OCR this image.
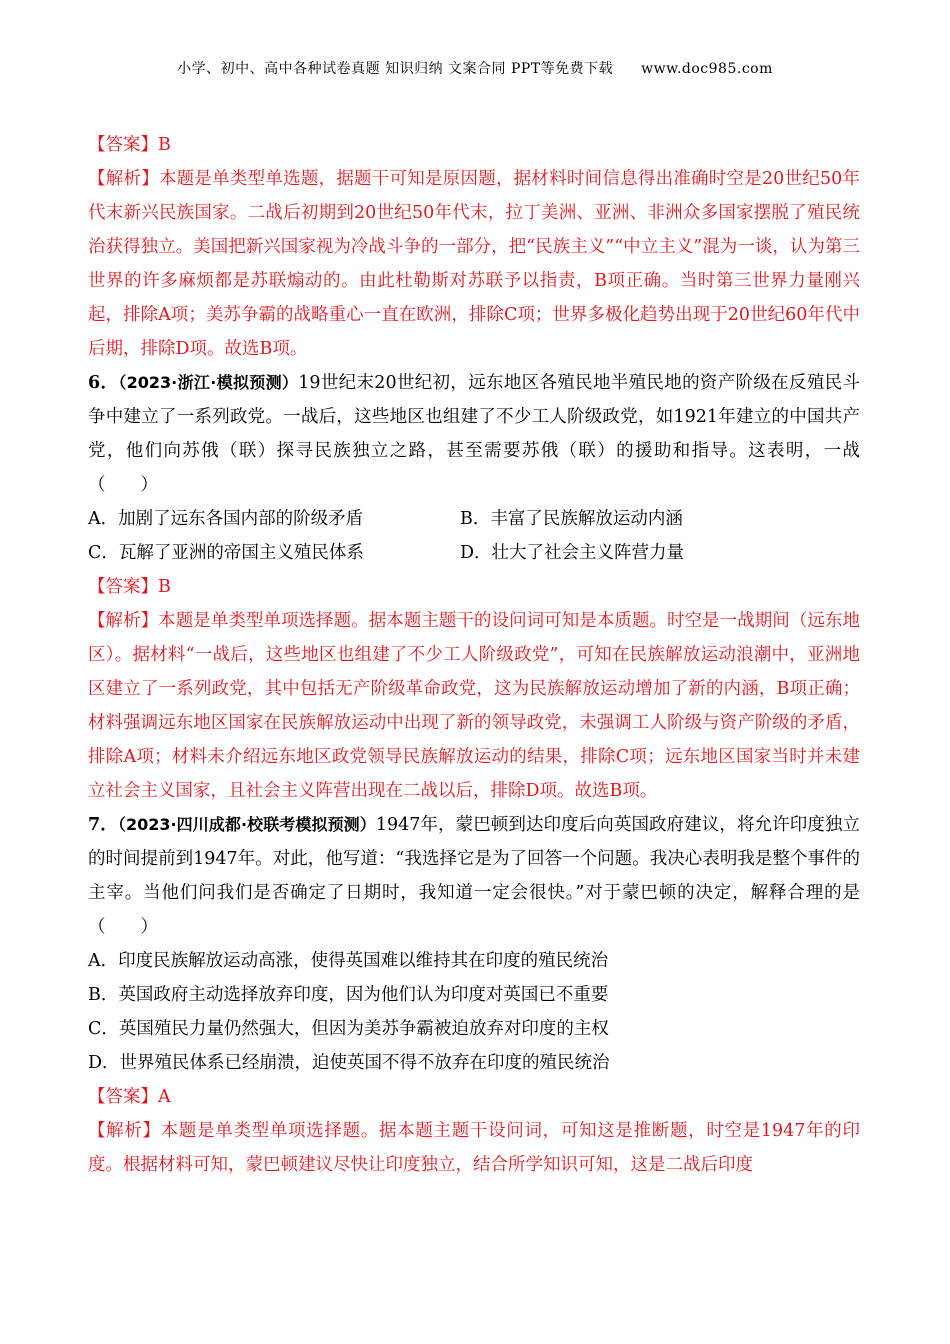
小学、初中、高中各种试卷真题 知识归纳 文案合同 PPT等免费下载 www.doc985.com

【答案】B

【解析】本题是单类型单选题，据题干可知是原因题，据材料时间信息得出准确时空是20世纪50年代末新兴民族国家。二战后初期到20世纪50年代末，拉丁美洲、亚洲、非洲众多国家摆脱了殖民统治获得独立。美国把新兴国家视为冷战斗争的一部分，把“民族主义”“中立主义”混为一谈，认为第三世界的许多麻烦都是苏联煽动的。由此杜勒斯对苏联予以指责，B项正确。当时第三世界力量刚兴起，排除A项；美苏争霸的战略重心一直在欧洲，排除C项；世界多极化趋势出现于20世纪60年代中后期，排除D项。故选B项。

6．（2023·浙江·模拟预测）19世纪末20世纪初，远东地区各殖民地半殖民地的资产阶级在反殖民斗争中建立了一系列政党。一战后，这些地区也组建了不少工人阶级政党，如1921年建立的中国共产党，他们向苏俄（联）探寻民族独立之路，甚至需要苏俄（联）的援助和指导。这表明，一战（　　）

A．加剧了远东各国内部的阶级矛盾	B．丰富了民族解放运动内涵
C．瓦解了亚洲的帝国主义殖民体系	D．壮大了社会主义阵营力量

【答案】B

【解析】本题是单类型单项选择题。据本题主题干的设问词可知是本质题。时空是一战期间（远东地区）。据材料“一战后，这些地区也组建了不少工人阶级政党”，可知在民族解放运动浪潮中，亚洲地区建立了一系列政党，其中包括无产阶级革命政党，这为民族解放运动增加了新的内涵，B项正确；材料强调远东地区国家在民族解放运动中出现了新的领导政党，未强调工人阶级与资产阶级的矛盾，排除A项；材料未介绍远东地区政党领导民族解放运动的结果，排除C项；远东地区国家当时并未建立社会主义国家，且社会主义阵营出现在二战以后，排除D项。故选B项。

7．（2023·四川成都·校联考模拟预测）1947年，蒙巴顿到达印度后向英国政府建议，将允许印度独立的时间提前到1947年。对此，他写道：“我选择它是为了回答一个问题。我决心表明我是整个事件的主宰。当他们问我们是否确定了日期时，我知道一定会很快。”对于蒙巴顿的决定，解释合理的是（　　）

A．印度民族解放运动高涨，使得英国难以维持其在印度的殖民统治

B．英国政府主动选择放弃印度，因为他们认为印度对英国已不重要

C．英国殖民力量仍然强大，但因为美苏争霸被迫放弃对印度的主权

D．世界殖民体系已经崩溃，迫使英国不得不放弃在印度的殖民统治

【答案】A

【解析】本题是单类型单项选择题。据本题主题干设问词，可知这是推断题，时空是1947年的印度。根据材料可知，蒙巴顿建议尽快让印度独立，结合所学知识可知，这是二战后印度
